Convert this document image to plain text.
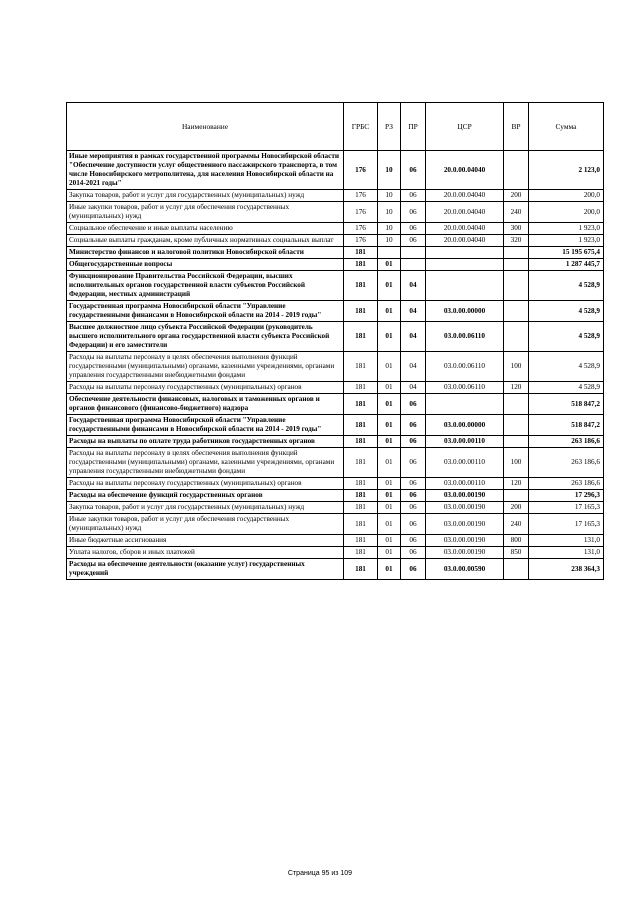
Наименование	ГРБС	РЗ	ПР	ЦСР	ВР	Сумма
Иные мероприятия в рамках государственной программы Новосибирской области "Обеспечение доступности услуг общественного пассажирского транспорта, в том числе Новосибирского метрополитена, для населения Новосибирской области на 2014-2021 годы"	176	10	06	20.0.00.04040		2 123,0
Закупка товаров, работ и услуг для государственных (муниципальных) нужд	176	10	06	20.0.00.04040	200	200,0
Иные закупки товаров, работ и услуг для обеспечения государственных (муниципальных) нужд	176	10	06	20.0.00.04040	240	200,0
Социальное обеспечение и иные выплаты населению	176	10	06	20.0.00.04040	300	1 923,0
Социальные выплаты гражданам, кроме публичных нормативных социальных выплат	176	10	06	20.0.00.04040	320	1 923,0
Министерство финансов и налоговой политики Новосибирской области	181					15 195 675,4
Общегосударственные вопросы	181	01				1 287 445,7
Функционирование Правительства Российской Федерации, высших исполнительных органов государственной власти субъектов Российской Федерации, местных администраций	181	01	04			4 528,9
Государственная программа Новосибирской области "Управление государственными финансами в Новосибирской области на 2014 - 2019 годы"	181	01	04	03.0.00.00000		4 528,9
Высшее должностное лицо субъекта Российской Федерации (руководитель высшего исполнительного органа государственной власти субъекта Российской Федерации) и его заместители	181	01	04	03.0.00.06110		4 528,9
Расходы на выплаты персоналу в целях обеспечения выполнения функций государственными (муниципальными) органами, казенными учреждениями, органами управления государственными внебюджетными фондами	181	01	04	03.0.00.06110	100	4 528,9
Расходы на выплаты персоналу государственных (муниципальных) органов	181	01	04	03.0.00.06110	120	4 528,9
Обеспечение деятельности финансовых, налоговых и таможенных органов и органов финансового (финансово-бюджетного) надзора	181	01	06			518 847,2
Государственная программа Новосибирской области "Управление государственными финансами в Новосибирской области на 2014 - 2019 годы"	181	01	06	03.0.00.00000		518 847,2
Расходы на выплаты по оплате труда работников государственных органов	181	01	06	03.0.00.00110		263 186,6
Расходы на выплаты персоналу в целях обеспечения выполнения функций государственными (муниципальными) органами, казенными учреждениями, органами управления государственными внебюджетными фондами	181	01	06	03.0.00.00110	100	263 186,6
Расходы на выплаты персоналу государственных (муниципальных) органов	181	01	06	03.0.00.00110	120	263 186,6
Расходы на обеспечение функций государственных органов	181	01	06	03.0.00.00190		17 296,3
Закупка товаров, работ и услуг для государственных (муниципальных) нужд	181	01	06	03.0.00.00190	200	17 165,3
Иные закупки товаров, работ и услуг для обеспечения государственных (муниципальных) нужд	181	01	06	03.0.00.00190	240	17 165,3
Иные бюджетные ассигнования	181	01	06	03.0.00.00190	800	131,0
Уплата налогов, сборов и иных платежей	181	01	06	03.0.00.00190	850	131,0
Расходы на обеспечение деятельности (оказание услуг) государственных учреждений	181	01	06	03.0.00.00590		238 364,3
Страница 95 из 109
